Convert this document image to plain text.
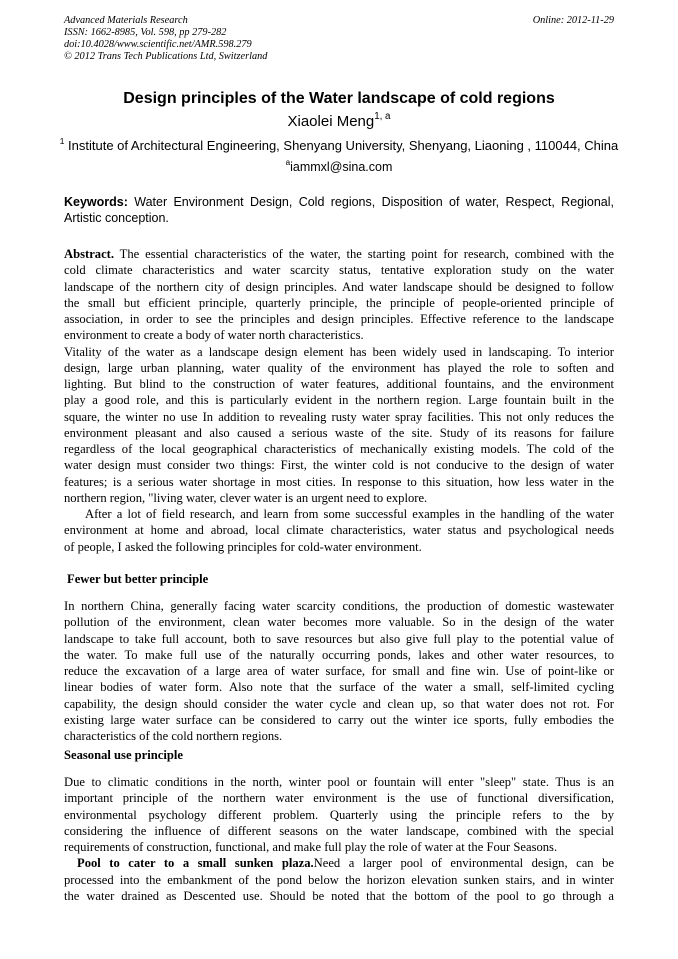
Advanced Materials Research
ISSN: 1662-8985, Vol. 598, pp 279-282
doi:10.4028/www.scientific.net/AMR.598.279
© 2012 Trans Tech Publications Ltd, Switzerland
Online: 2012-11-29
Design principles of the Water landscape of cold regions
Xiaolei Meng$^{1, a}$
$^1$ Institute of Architectural Engineering, Shenyang University, Shenyang, Liaoning , 110044, China
$^a$iammxl@sina.com
Keywords: Water Environment Design, Cold regions, Disposition of water, Respect, Regional,
Artistic conception.
Abstract. The essential characteristics of the water, the starting point for research, combined with the
cold climate characteristics and water scarcity status, tentative exploration study on the water
landscape of the northern city of design principles. And water landscape should be designed to follow
the small but efficient principle, quarterly principle, the principle of people-oriented principle of
association, in order to see the principles and design principles. Effective reference to the landscape
environment to create a body of water north characteristics.
Vitality of the water as a landscape design element has been widely used in landscaping. To interior
design, large urban planning, water quality of the environment has played the role to soften and
lighting. But blind to the construction of water features, additional fountains, and the environment
play a good role, and this is particularly evident in the northern region. Large fountain built in the
square, the winter no use In addition to revealing rusty water spray facilities. This not only reduces the
environment pleasant and also caused a serious waste of the site. Study of its reasons for failure
regardless of the local geographical characteristics of mechanically existing models. The cold of the
water design must consider two things: First, the winter cold is not conducive to the design of water
features; is a serious water shortage in most cities. In response to this situation, how less water in the
northern region, "living water, clever water is an urgent need to explore.
After a lot of field research, and learn from some successful examples in the handling of the water
environment at home and abroad, local climate characteristics, water status and psychological needs
of people, I asked the following principles for cold-water environment.
Fewer but better principle
In northern China, generally facing water scarcity conditions, the production of domestic wastewater
pollution of the environment, clean water becomes more valuable. So in the design of the water
landscape to take full account, both to save resources but also give full play to the potential value of
the water. To make full use of the naturally occurring ponds, lakes and other water resources, to
reduce the excavation of a large area of water surface, for small and fine win. Use of point-like or
linear bodies of water form. Also note that the surface of the water a small, self-limited cycling
capability, the design should consider the water cycle and clean up, so that water does not rot. For
existing large water surface can be considered to carry out the winter ice sports, fully embodies the
characteristics of the cold northern regions.
Seasonal use principle
Due to climatic conditions in the north, winter pool or fountain will enter "sleep" state. Thus is an
important principle of the northern water environment is the use of functional diversification,
environmental psychology different problem. Quarterly using the principle refers to the by
considering the influence of different seasons on the water landscape, combined with the special
requirements of construction, functional, and make full play the role of water at the Four Seasons.
Pool to cater to a small sunken plaza.Need a larger pool of environmental design, can be
processed into the embankment of the pond below the horizon elevation sunken stairs, and in winter
the water drained as Descented use. Should be noted that the bottom of the pool to go through a
